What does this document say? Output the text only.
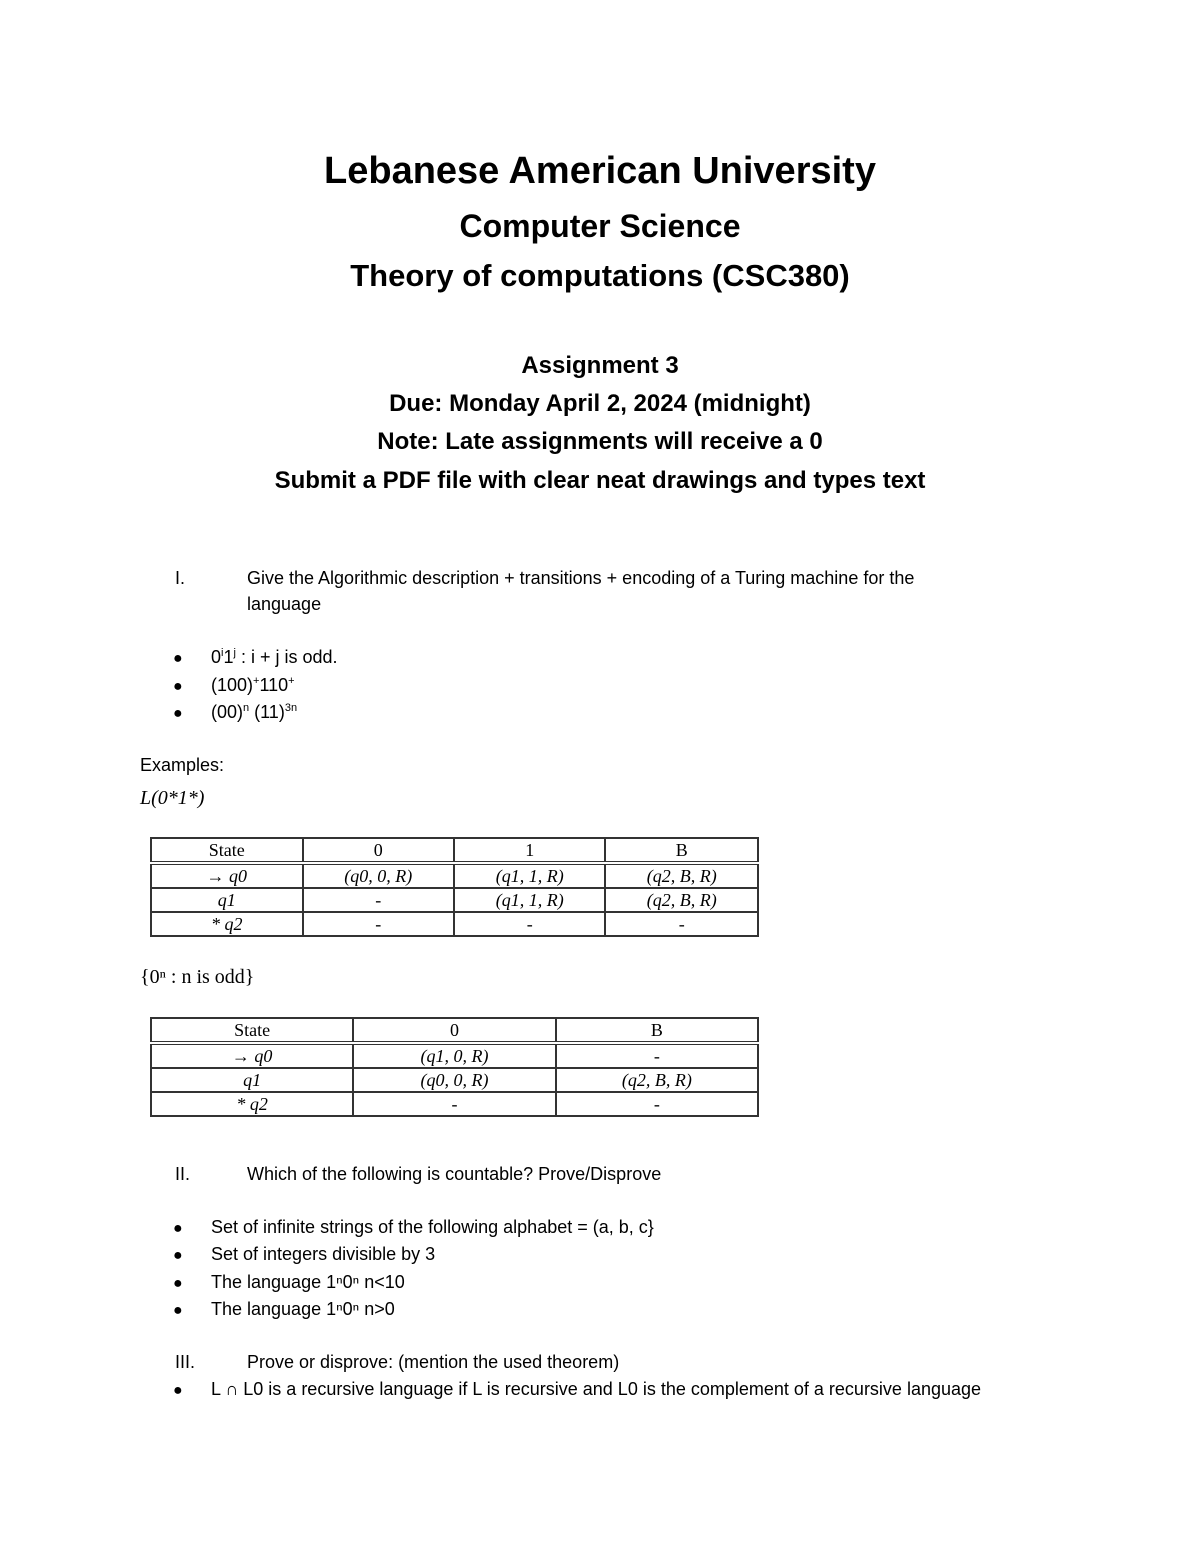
Lebanese American University
Computer Science
Theory of computations (CSC380)
Assignment 3
Due: Monday April 2, 2024 (midnight)
Note: Late assignments will receive a 0
Submit a PDF file with clear neat drawings and types text
I.	Give the Algorithmic description + transitions + encoding of a Turing machine for the
language
● 0$^i$1$^j$ : i + j is odd.
● (100)+110+
● $(00)^n$ $(11)^{3n}$
Examples:
L(0*1*)
State	0	1	B
→ q0	(q0, 0, R)	(q1, 1, R)	(q2, B, R)
q1	-	(q1, 1, R)	(q2, B, R)
* q2	-	-	-
{0ⁿ : n is odd}
State	0	B
→ q0	(q1, 0, R)	-
q1	(q0, 0, R)	(q2, B, R)
* q2	-	-
II.	Which of the following is countable? Prove/Disprove
● Set of infinite strings of the following alphabet = (a, b, c}
● Set of integers divisible by 3
● The language 1ⁿ0ⁿ n<10
● The language 1ⁿ0ⁿ n>0
III.	Prove or disprove: (mention the used theorem)
● L ∩ L0 is a recursive language if L is recursive and L0 is the complement of a recursive language
